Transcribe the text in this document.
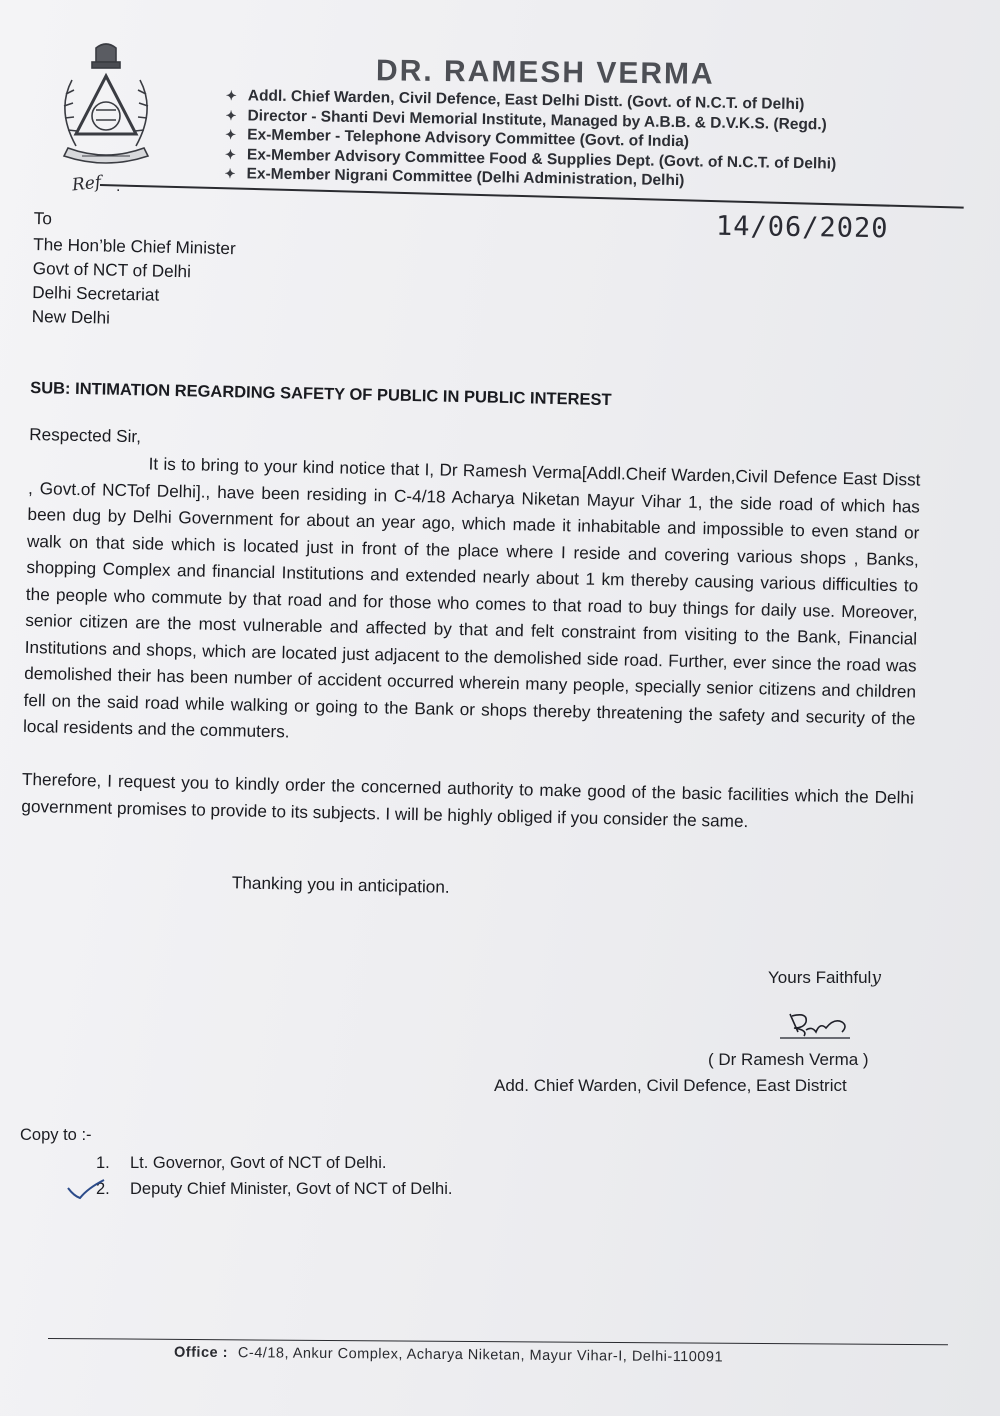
DR. RAMESH VERMA
✦ Addl. Chief Warden, Civil Defence, East Delhi Distt. (Govt. of N.C.T. of Delhi)
✦ Director - Shanti Devi Memorial Institute, Managed by A.B.B. & D.V.K.S. (Regd.)
✦ Ex-Member - Telephone Advisory Committee (Govt. of India)
✦ Ex-Member Advisory Committee Food & Supplies Dept. (Govt. of N.C.T. of Delhi)
✦ Ex-Member Nigrani Committee (Delhi Administration, Delhi)
Ref .
14/06/2020
To
The Hon’ble Chief Minister
Govt of NCT of Delhi
Delhi Secretariat
New Delhi
SUB: INTIMATION REGARDING SAFETY OF PUBLIC IN PUBLIC INTEREST
Respected Sir,
It is to bring to your kind notice that I, Dr Ramesh Verma[Addl.Cheif Warden,Civil Defence East Disst , Govt.of NCTof Delhi]., have been residing in C-4/18 Acharya Niketan Mayur Vihar 1, the side road of which has been dug by Delhi Government for about an year ago, which made it inhabitable and impossible to even stand or walk on that side which is located just in front of the place where I reside and covering various shops , Banks, shopping Complex and financial Institutions and extended nearly about 1 km thereby causing various difficulties to the people who commute by that road and for those who comes to that road to buy things for daily use. Moreover, senior citizen are the most vulnerable and affected by that and felt constraint from visiting to the Bank, Financial Institutions and shops, which are located just adjacent to the demolished side road. Further, ever since the road was demolished their has been number of accident occurred wherein many people, specially senior citizens and children fell on the said road while walking or going to the Bank or shops thereby threatening the safety and security of the local residents and the commuters.
Therefore, I request you to kindly order the concerned authority to make good of the basic facilities which the Delhi government promises to provide to its subjects. I will be highly obliged if you consider the same.
Thanking you in anticipation.
Yours Faithfuly
( Dr Ramesh Verma )
Add. Chief Warden, Civil Defence, East District
Copy to :-
1. Lt. Governor, Govt of NCT of Delhi.
2. Deputy Chief Minister, Govt of NCT of Delhi.
Office : C-4/18, Ankur Complex, Acharya Niketan, Mayur Vihar-I, Delhi-110091
